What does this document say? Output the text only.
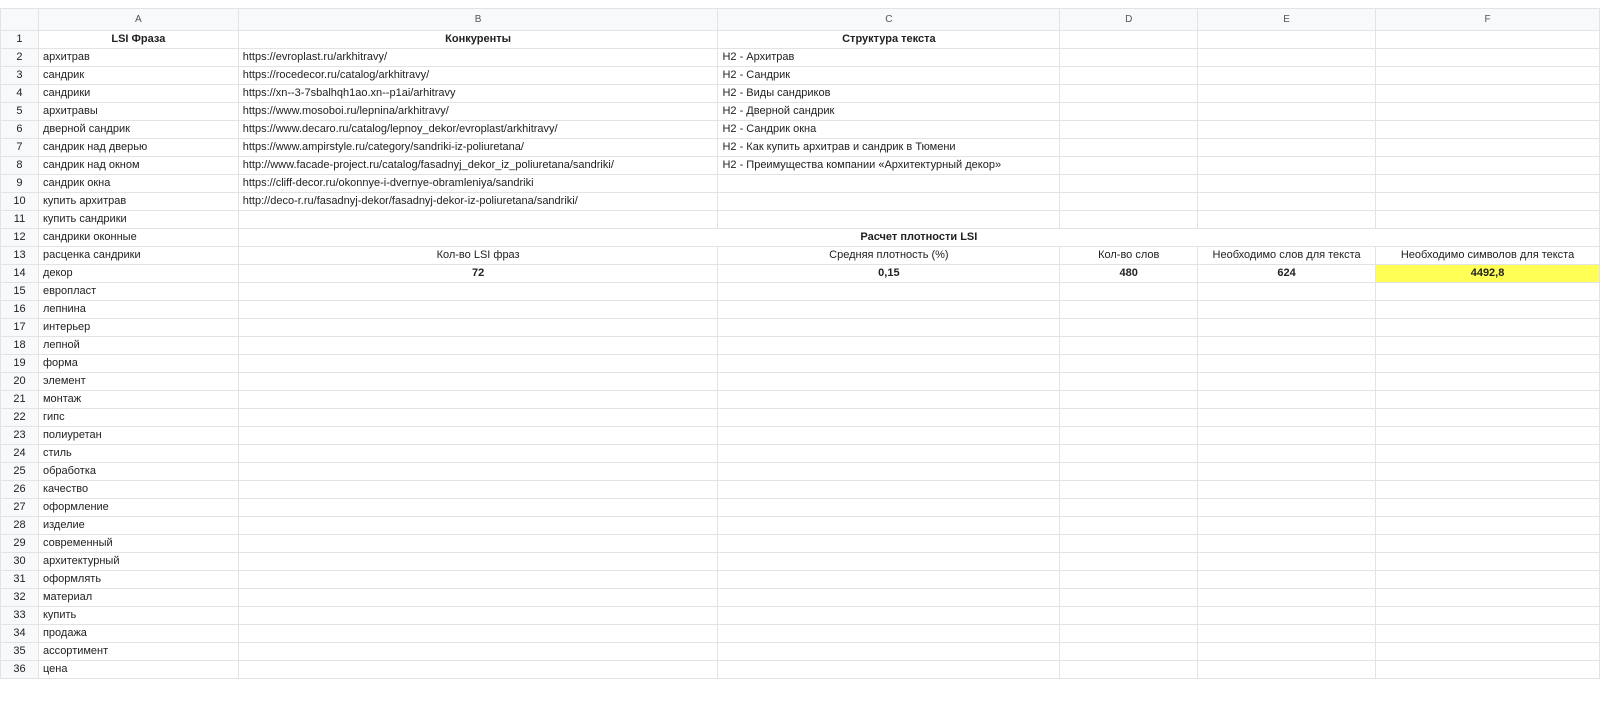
	A	B	C	D	E	F
1	LSI Фраза	Конкуренты	Структура текста			
2	архитрав	https://evroplast.ru/arkhitravy/	H2 - Архитрав			
3	сандрик	https://rocedecor.ru/catalog/arkhitravy/	H2 - Сандрик			
4	сандрики	https://xn--3-7sbalhqh1ao.xn--p1ai/arhitravy	H2 - Виды сандриков			
5	архитравы	https://www.mosoboi.ru/lepnina/arkhitravy/	H2 - Дверной сандрик			
6	дверной сандрик	https://www.decaro.ru/catalog/lepnoy_dekor/evroplast/arkhitravy/	H2 - Сандрик окна			
7	сандрик над дверью	https://www.ampirstyle.ru/category/sandriki-iz-poliuretana/	H2 - Как купить архитрав и сандрик в Тюмени			
8	сандрик над окном	http://www.facade-project.ru/catalog/fasadnyj_dekor_iz_poliuretana/sandriki/	H2 - Преимущества компании «Архитектурный декор»			
9	сандрик окна	https://cliff-decor.ru/okonnye-i-dvernye-obramleniya/sandriki				
10	купить архитрав	http://deco-r.ru/fasadnyj-dekor/fasadnyj-dekor-iz-poliuretana/sandriki/				
11	купить сандрики					
12	сандрики оконные	Расчет плотности LSI				
13	расценка сандрики	Кол-во LSI фраз	Средняя плотность (%)	Кол-во слов	Необходимо слов для текста	Необходимо символов для текста
14	декор	72	0,15	480	624	4492,8
15	европласт					
16	лепнина					
17	интерьер					
18	лепной					
19	форма					
20	элемент					
21	монтаж					
22	гипс					
23	полиуретан					
24	стиль					
25	обработка					
26	качество					
27	оформление					
28	изделие					
29	современный					
30	архитектурный					
31	оформлять					
32	материал					
33	купить					
34	продажа					
35	ассортимент					
36	цена					
